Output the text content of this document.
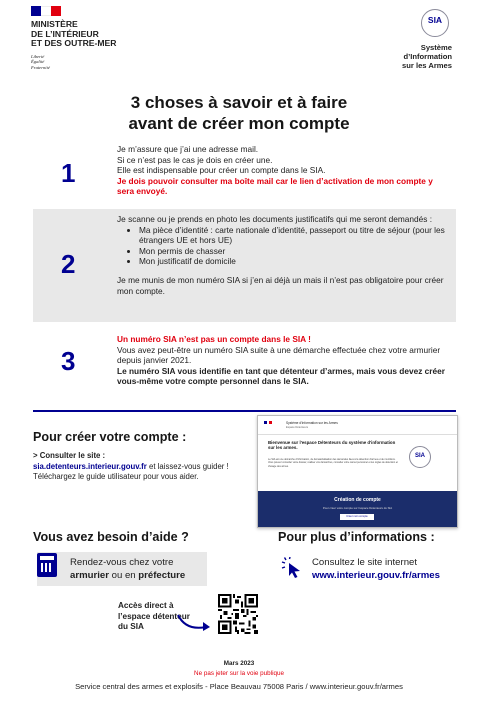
MINISTÈRE
DE L’INTÉRIEUR
ET DES OUTRE-MER
Liberté
Égalité
Fraternité
SIA
Système
d’Information
sur les Armes
3 choses à savoir et à faire
avant de créer mon compte
1

Je m’assure que j’ai une adresse mail.

Si ce n’est pas le cas je dois en créer une.

Elle est indispensable pour créer un compte dans le SIA.

Je dois pouvoir consulter ma boîte mail car le lien d’activation de mon compte y sera envoyé.

2

Je scanne ou je prends en photo les documents justificatifs qui me seront demandés :

• Ma pièce d’identité : carte nationale d’identité, passeport ou titre de séjour (pour les étrangers UE et hors UE)
• Mon permis de chasser
• Mon justificatif de domicile

Je me munis de mon numéro SIA si j’en ai déjà un mais il n’est pas obligatoire pour créer mon compte.

3

Un numéro SIA n’est pas un compte dans le SIA !

Vous avez peut-être un numéro SIA suite à une démarche effectuée chez votre armurier depuis janvier 2021.

Le numéro SIA vous identifie en tant que détenteur d’armes, mais vous devez créer vous-même votre compte personnel dans le SIA.

Pour créer votre compte :
> Consulter le site :
sia.detenteurs.interieur.gouv.fr et laissez-vous guider !
Téléchargez le guide utilisateur pour vous aider.
Système d'Information sur les Armes
Espace Détenteurs
Bienvenue sur l'espace Détenteurs du système d'information sur les armes.
Le SIA est une démarche d'information, de dématérialisation des demandes liées à la détention d'armes et de munitions. Vous pouvez consulter votre dossier, réaliser vos démarches, consulter votre carnet personnel et les règles de détention et d'usage des armes.
SIA
Création de compte
Pour créer votre compte sur l'espace Détenteurs du SIA
Créer mon compte
Vous avez besoin d’aide ?
Rendez-vous chez votre
armurier ou en préfecture
Pour plus d’informations :
Consultez le site internet
www.interieur.gouv.fr/armes
Accès direct à
l’espace détenteur
du SIA
Mars 2023
Ne pas jeter sur la voie publique
Service central des armes et explosifs - Place Beauvau 75008 Paris / www.interieur.gouv.fr/armes
